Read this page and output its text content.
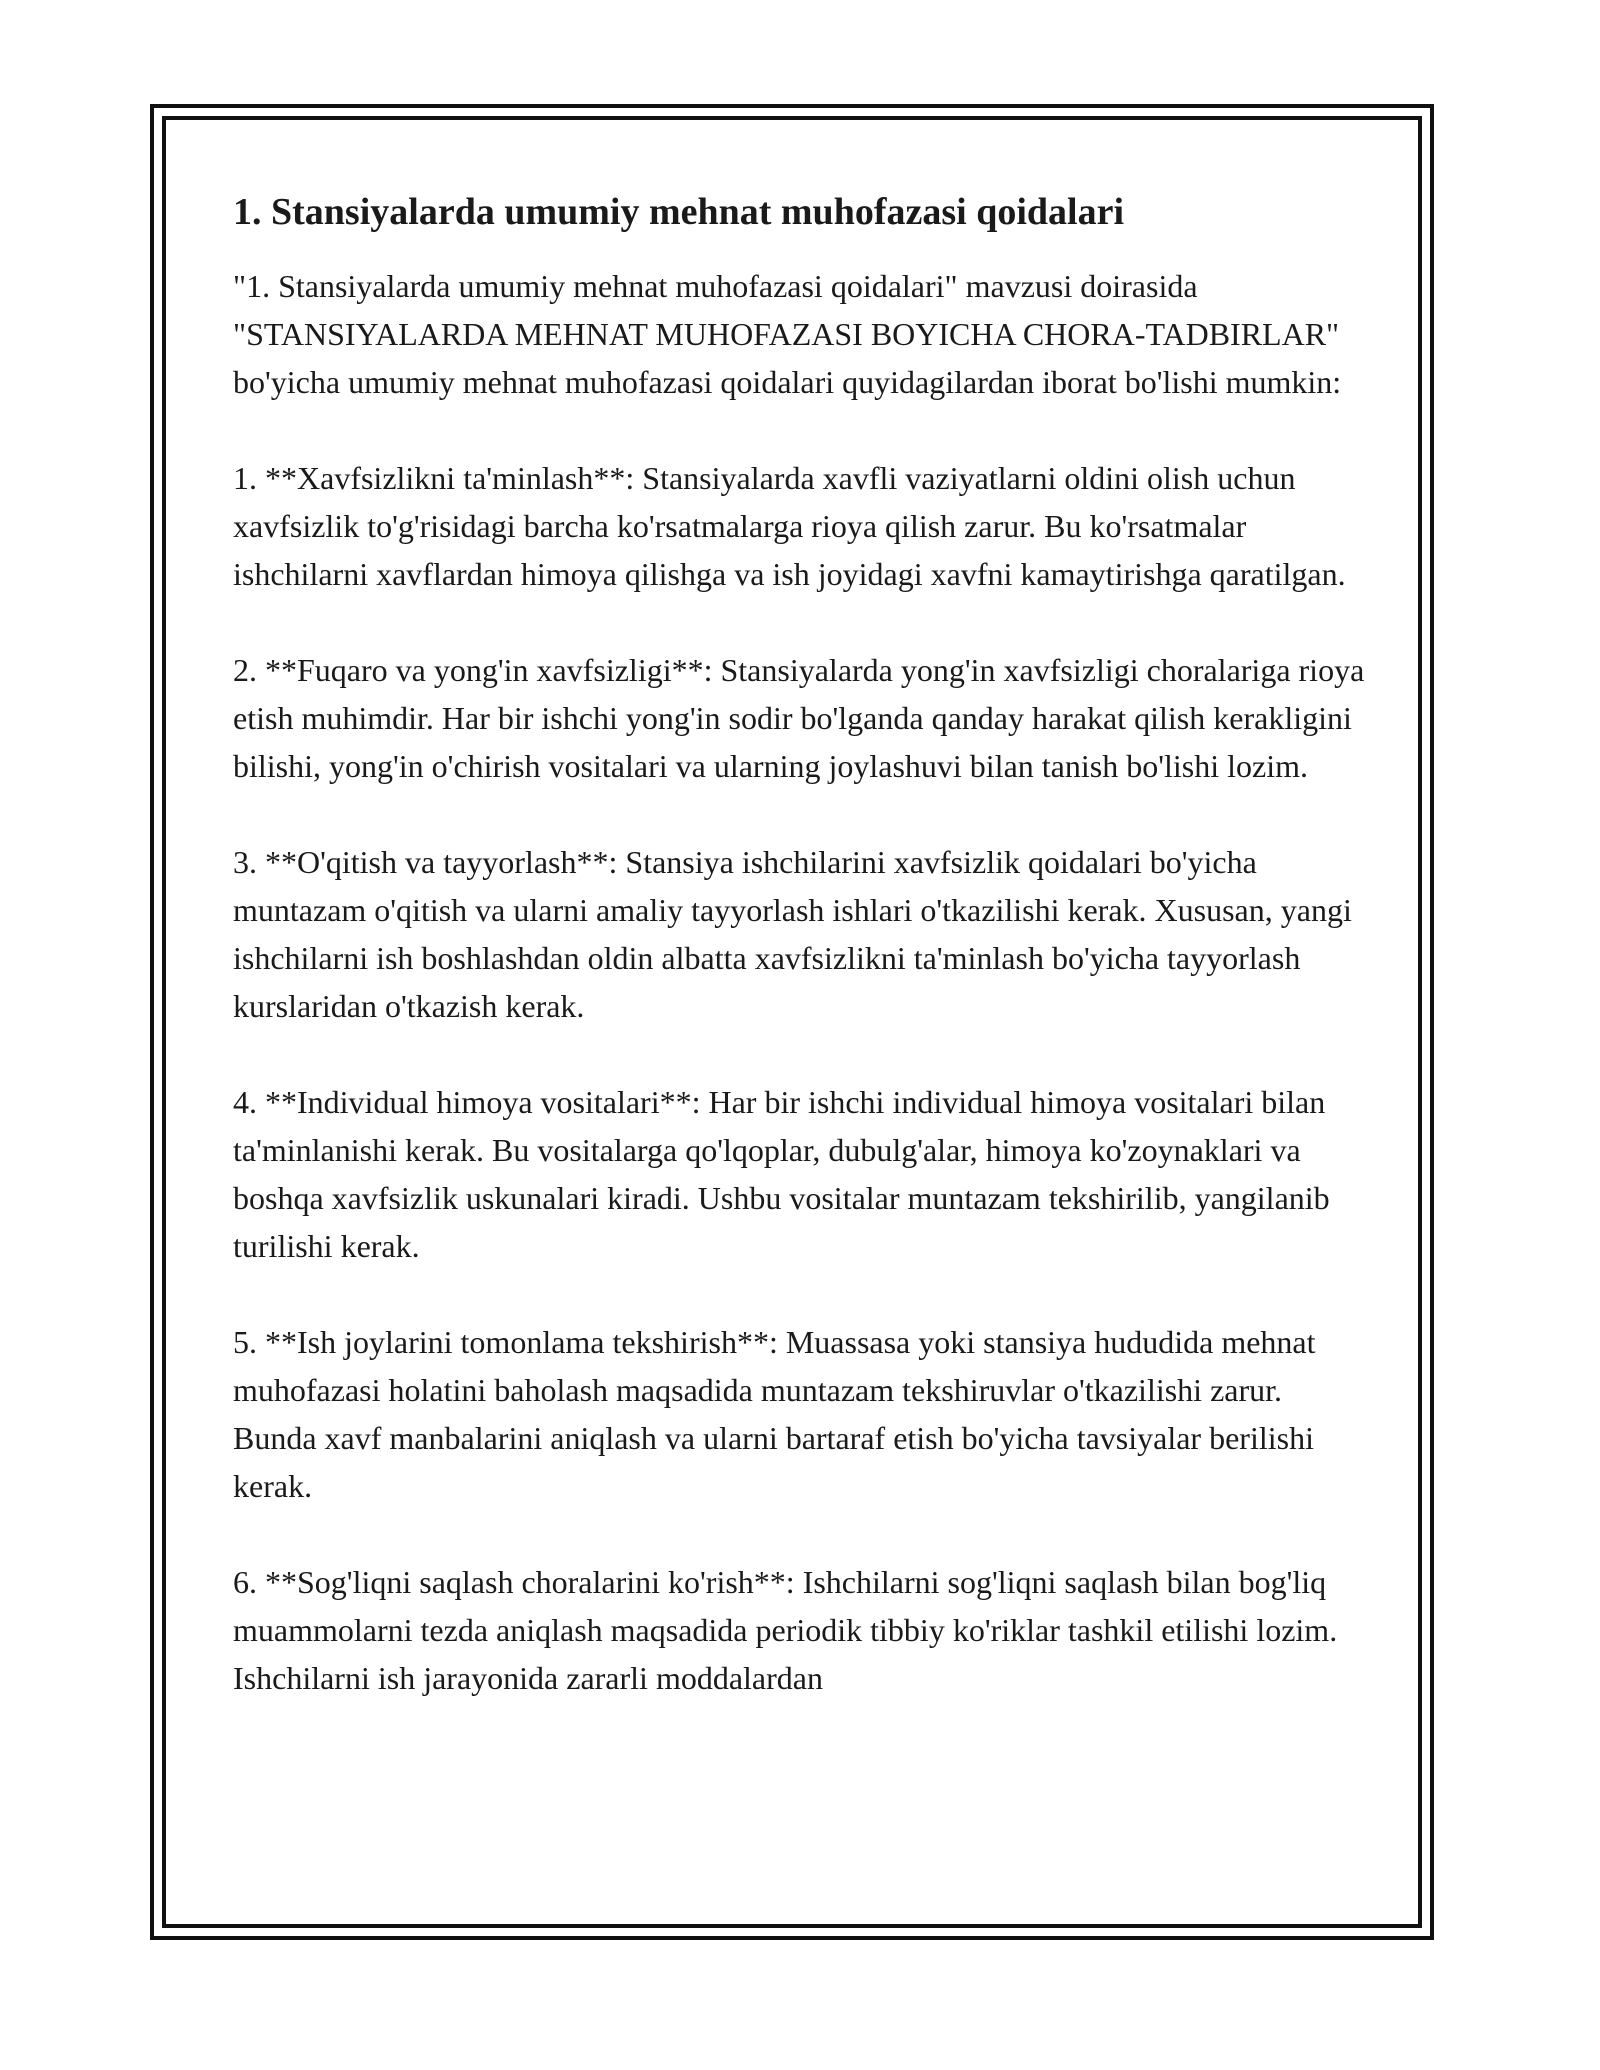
1. Stansiyalarda umumiy mehnat muhofazasi qoidalari

"1. Stansiyalarda umumiy mehnat muhofazasi qoidalari" mavzusi doirasida "STANSIYALARDA MEHNAT MUHOFAZASI BOYICHA CHORA-TADBIRLAR" bo'yicha umumiy mehnat muhofazasi qoidalari quyidagilardan iborat bo'lishi mumkin:

1. **Xavfsizlikni ta'minlash**: Stansiyalarda xavfli vaziyatlarni oldini olish uchun xavfsizlik to'g'risidagi barcha ko'rsatmalarga rioya qilish zarur. Bu ko'rsatmalar ishchilarni xavflardan himoya qilishga va ish joyidagi xavfni kamaytirishga qaratilgan.

2. **Fuqaro va yong'in xavfsizligi**: Stansiyalarda yong'in xavfsizligi choralariga rioya etish muhimdir. Har bir ishchi yong'in sodir bo'lganda qanday harakat qilish kerakligini bilishi, yong'in o'chirish vositalari va ularning joylashuvi bilan tanish bo'lishi lozim.

3. **O'qitish va tayyorlash**: Stansiya ishchilarini xavfsizlik qoidalari bo'yicha muntazam o'qitish va ularni amaliy tayyorlash ishlari o'tkazilishi kerak. Xususan, yangi ishchilarni ish boshlashdan oldin albatta xavfsizlikni ta'minlash bo'yicha tayyorlash kurslaridan o'tkazish kerak.

4. **Individual himoya vositalari**: Har bir ishchi individual himoya vositalari bilan ta'minlanishi kerak. Bu vositalarga qo'lqoplar, dubulg'alar, himoya ko'zoynaklari va boshqa xavfsizlik uskunalari kiradi. Ushbu vositalar muntazam tekshirilib, yangilanib turilishi kerak.

5. **Ish joylarini tomonlama tekshirish**: Muassasa yoki stansiya hududida mehnat muhofazasi holatini baholash maqsadida muntazam tekshiruvlar o'tkazilishi zarur. Bunda xavf manbalarini aniqlash va ularni bartaraf etish bo'yicha tavsiyalar berilishi kerak.

6. **Sog'liqni saqlash choralarini ko'rish**: Ishchilarni sog'liqni saqlash bilan bog'liq muammolarni tezda aniqlash maqsadida periodik tibbiy ko'riklar tashkil etilishi lozim. Ishchilarni ish jarayonida zararli moddalardan
